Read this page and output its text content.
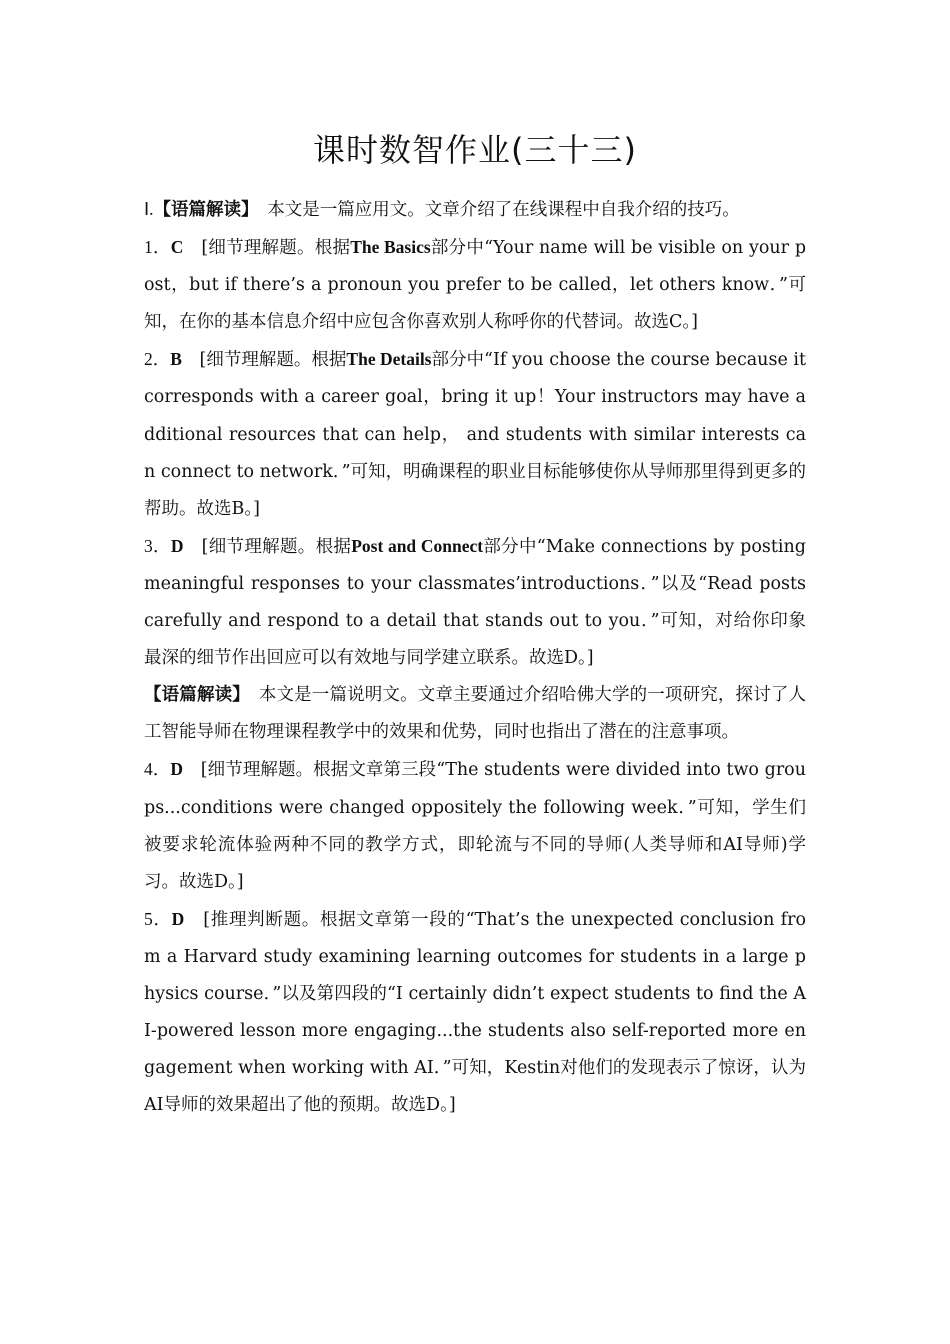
课时数智作业(三十三)

Ⅰ.【语篇解读】　本文是一篇应用文。文章介绍了在线课程中自我介绍的技巧。

1．C　[细节理解题。根据The Basics部分中“Your name will be visible on your post，but if there’s a pronoun you prefer to be called，let others know．”可知，在你的基本信息介绍中应包含你喜欢别人称呼你的代替词。故选C。]

2．B　[细节理解题。根据The Details部分中“If you choose the course because it corresponds with a career goal，bring it up！Your instructors may have additional resources that can help， and students with similar interests can connect to network．”可知，明确课程的职业目标能够使你从导师那里得到更多的帮助。故选B。]

3．D　[细节理解题。根据Post and Connect部分中“Make connections by posting meaningful responses to your classmates’introductions．”以及“Read posts carefully and respond to a detail that stands out to you．”可知，对给你印象最深的细节作出回应可以有效地与同学建立联系。故选D。]

【语篇解读】　本文是一篇说明文。文章主要通过介绍哈佛大学的一项研究，探讨了人工智能导师在物理课程教学中的效果和优势，同时也指出了潜在的注意事项。

4．D　[细节理解题。根据文章第三段“The students were divided into two groups...conditions were changed oppositely the following week．”可知，学生们被要求轮流体验两种不同的教学方式，即轮流与不同的导师(人类导师和AI导师)学习。故选D。]

5．D　[推理判断题。根据文章第一段的“That’s the unexpected conclusion from a Harvard study examining learning outcomes for students in a large physics course．”以及第四段的“I certainly didn’t expect students to find the AI-powered lesson more engaging...the students also self-reported more engagement when working with AI．”可知，Kestin对他们的发现表示了惊讶，认为AI导师的效果超出了他的预期。故选D。]
